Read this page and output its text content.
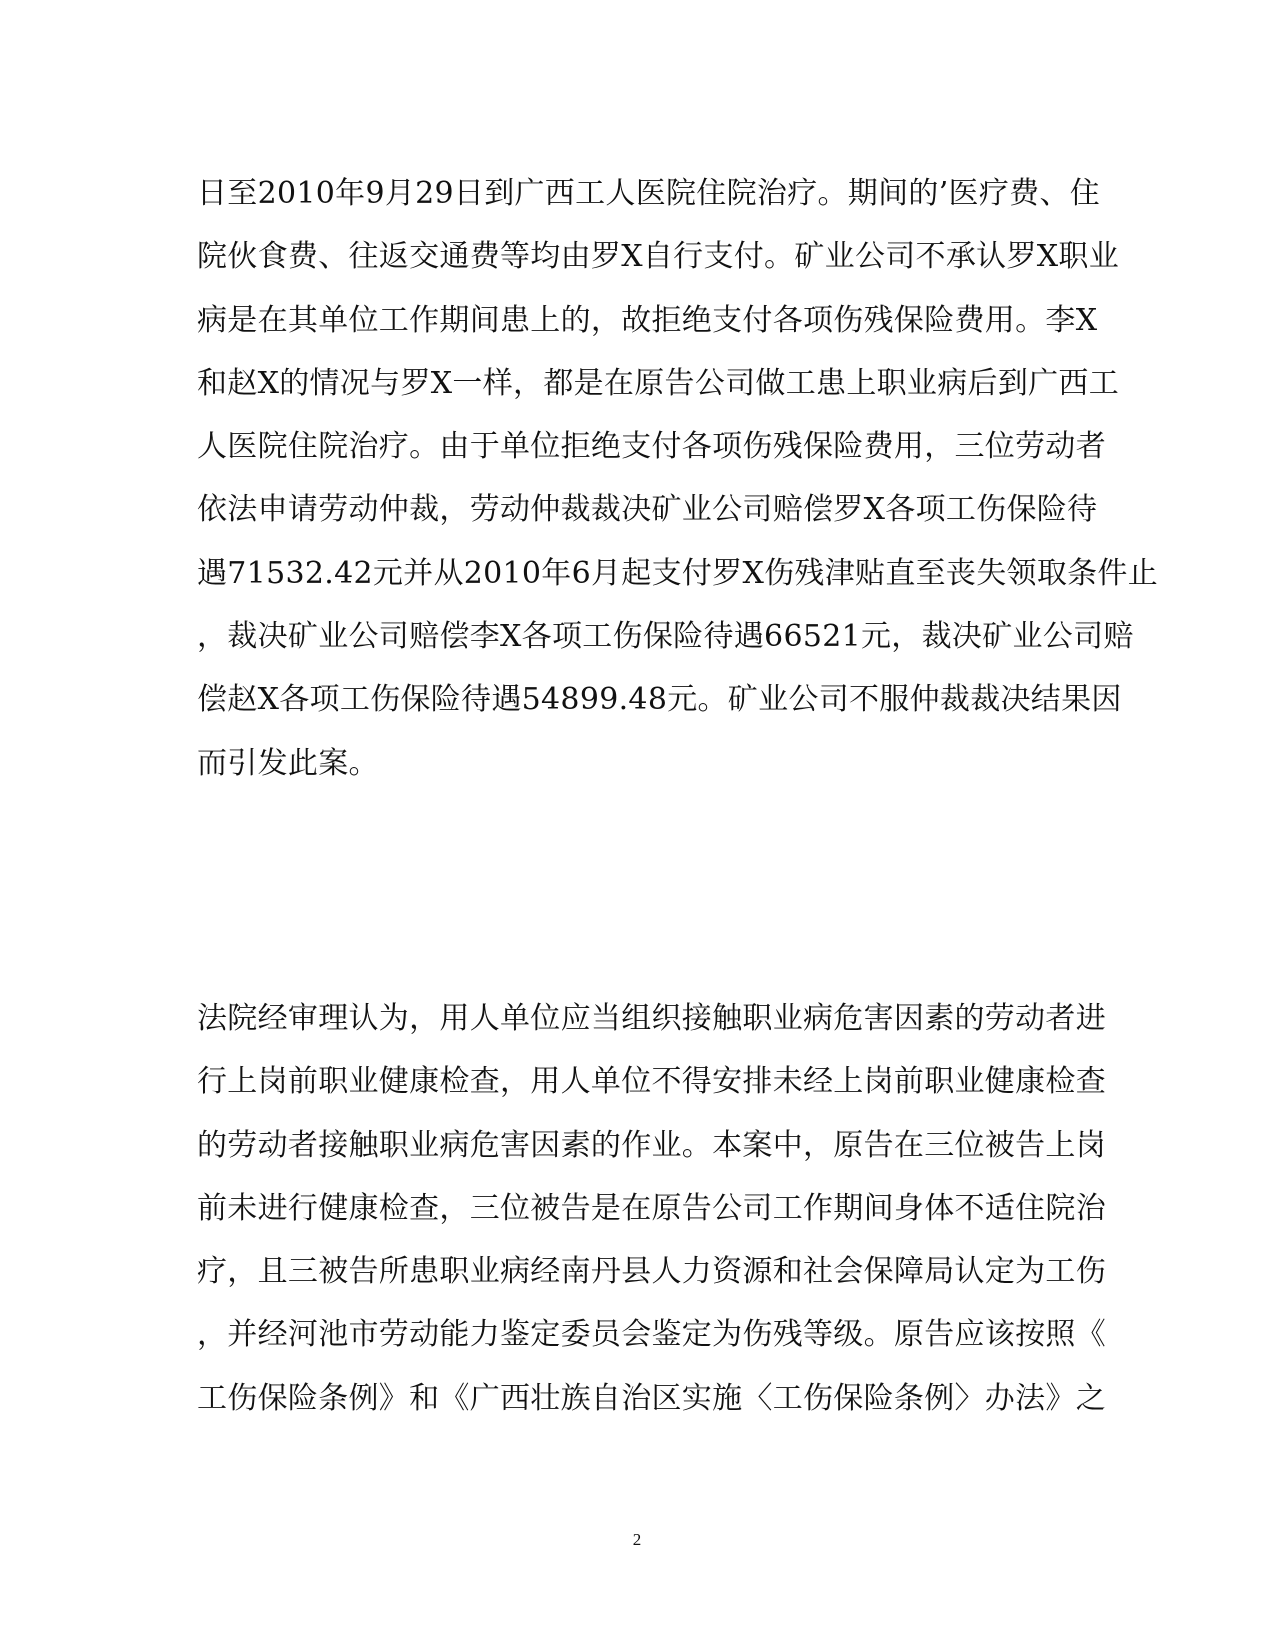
日至2010年9月29日到广西工人医院住院治疗。期间的’医疗费、住
院伙食费、往返交通费等均由罗X自行支付。矿业公司不承认罗X职业
病是在其单位工作期间患上的，故拒绝支付各项伤残保险费用。李X
和赵X的情况与罗X一样，都是在原告公司做工患上职业病后到广西工
人医院住院治疗。由于单位拒绝支付各项伤残保险费用，三位劳动者
依法申请劳动仲裁，劳动仲裁裁决矿业公司赔偿罗X各项工伤保险待
遇71532.42元并从2010年6月起支付罗X伤残津贴直至丧失领取条件止
，裁决矿业公司赔偿李X各项工伤保险待遇66521元，裁决矿业公司赔
偿赵X各项工伤保险待遇54899.48元。矿业公司不服仲裁裁决结果因
而引发此案。
法院经审理认为，用人单位应当组织接触职业病危害因素的劳动者进
行上岗前职业健康检查，用人单位不得安排未经上岗前职业健康检查
的劳动者接触职业病危害因素的作业。本案中，原告在三位被告上岗
前未进行健康检查，三位被告是在原告公司工作期间身体不适住院治
疗，且三被告所患职业病经南丹县人力资源和社会保障局认定为工伤
，并经河池市劳动能力鉴定委员会鉴定为伤残等级。原告应该按照《
工伤保险条例》和《广西壮族自治区实施〈工伤保险条例〉办法》之
2
